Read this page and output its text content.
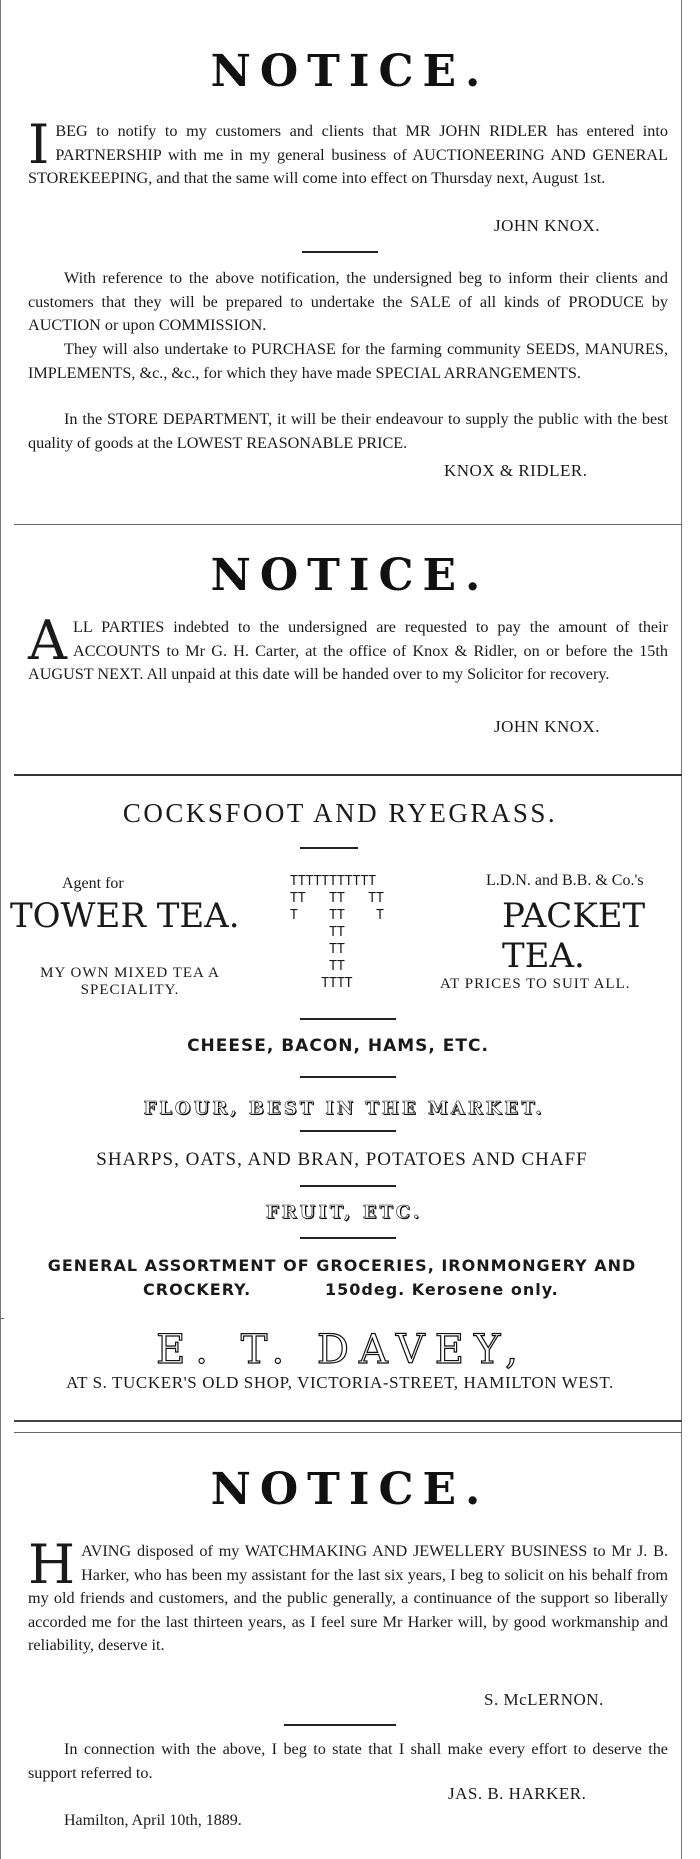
NOTICE.
I BEG to notify to my customers and clients that MR JOHN RIDLER has entered into PARTNERSHIP with me in my general business of AUCTIONEERING AND GENERAL STOREKEEPING, and that the same will come into effect on Thursday next, August 1st.
JOHN KNOX.
With reference to the above notification, the undersigned beg to inform their clients and customers that they will be prepared to undertake the SALE of all kinds of PRODUCE by AUCTION or upon COMMISSION.
They will also undertake to PURCHASE for the farming community SEEDS, MANURES, IMPLEMENTS, &c., &c., for which they have made SPECIAL ARRANGEMENTS.
In the STORE DEPARTMENT, it will be their endeavour to supply the public with the best quality of goods at the LOWEST REASONABLE PRICE.
KNOX & RIDLER.
NOTICE.
A LL PARTIES indebted to the undersigned are requested to pay the amount of their ACCOUNTS to Mr G. H. Carter, at the office of Knox & Ridler, on or before the 15th AUGUST NEXT. All unpaid at this date will be handed over to my Solicitor for recovery.
JOHN KNOX.
COCKSFOOT AND RYEGRASS.
Agent for
TOWER TEA.
MY OWN MIXED TEA A SPECIALITY.
TTTTTTTTTTT
TT   TT   TT
T    TT    T
TT
TT
TT
TTTT
L.D.N. and B.B. & Co.'s
PACKET TEA.
AT PRICES TO SUIT ALL.
CHEESE, BACON, HAMS, ETC.
FLOUR, BEST IN THE MARKET.
SHARPS, OATS, AND BRAN, POTATOES AND CHAFF
FRUIT, ETC.
GENERAL ASSORTMENT OF GROCERIES, IRONMONGERY AND
CROCKERY.	150deg. Kerosene only.
E. T. DAVEY,
AT S. TUCKER'S OLD SHOP, VICTORIA-STREET, HAMILTON WEST.
NOTICE.
H AVING disposed of my WATCHMAKING AND JEWELLERY BUSINESS to Mr J. B. Harker, who has been my assistant for the last six years, I beg to solicit on his behalf from my old friends and customers, and the public generally, a continuance of the support so liberally accorded me for the last thirteen years, as I feel sure Mr Harker will, by good workmanship and reliability, deserve it.
S. McLERNON.
In connection with the above, I beg to state that I shall make every effort to deserve the support referred to.
JAS. B. HARKER.
Hamilton, April 10th, 1889.
